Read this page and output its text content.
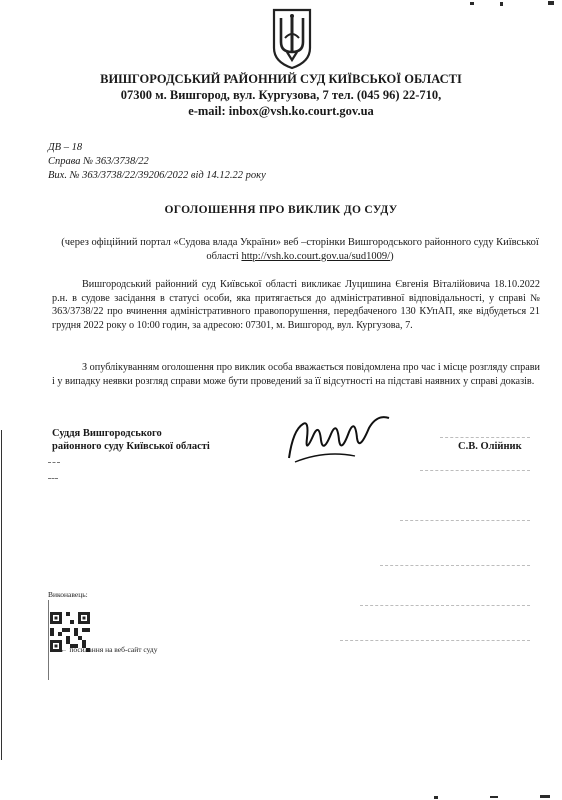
ВИШГОРОДСЬКИЙ РАЙОННИЙ СУД КИЇВСЬКОЇ ОБЛАСТІ
07300 м. Вишгород, вул. Кургузова, 7 тел. (045 96) 22-710,
e-mail: inbox@vsh.ko.court.gov.ua
ДВ – 18
Справа № 363/3738/22
Вих. № 363/3738/22/39206/2022 від 14.12.22 року
ОГОЛОШЕННЯ ПРО ВИКЛИК ДО СУДУ
(через офіційний портал «Судова влада України» веб –сторінки Вишгородського районного суду Київської області http://vsh.ko.court.gov.ua/sud1009/)
Вишгородський районний суд Київської області викликає Луцишина Євгенія Віталійовича 18.10.2022 р.н. в судове засідання в статусі особи, яка притягається до адміністративної відповідальності, у справі № 363/3738/22 про вчинення адміністративного правопорушення, передбаченого 130 КУпАП, яке відбудеться 21 грудня 2022 року о 10:00 годин, за адресою: 07301, м. Вишгород, вул. Кургузова, 7.
З опублікуванням оголошення про виклик особа вважається повідомлена про час і місце розгляду справи і у випадку неявки розгляд справи може бути проведений за її відсутності на підставі наявних у справі доказів.
Суддя Вишгородського
районного суду Київської області	С.В. Олійник
Виконавець:
← посилання на веб-сайт суду
